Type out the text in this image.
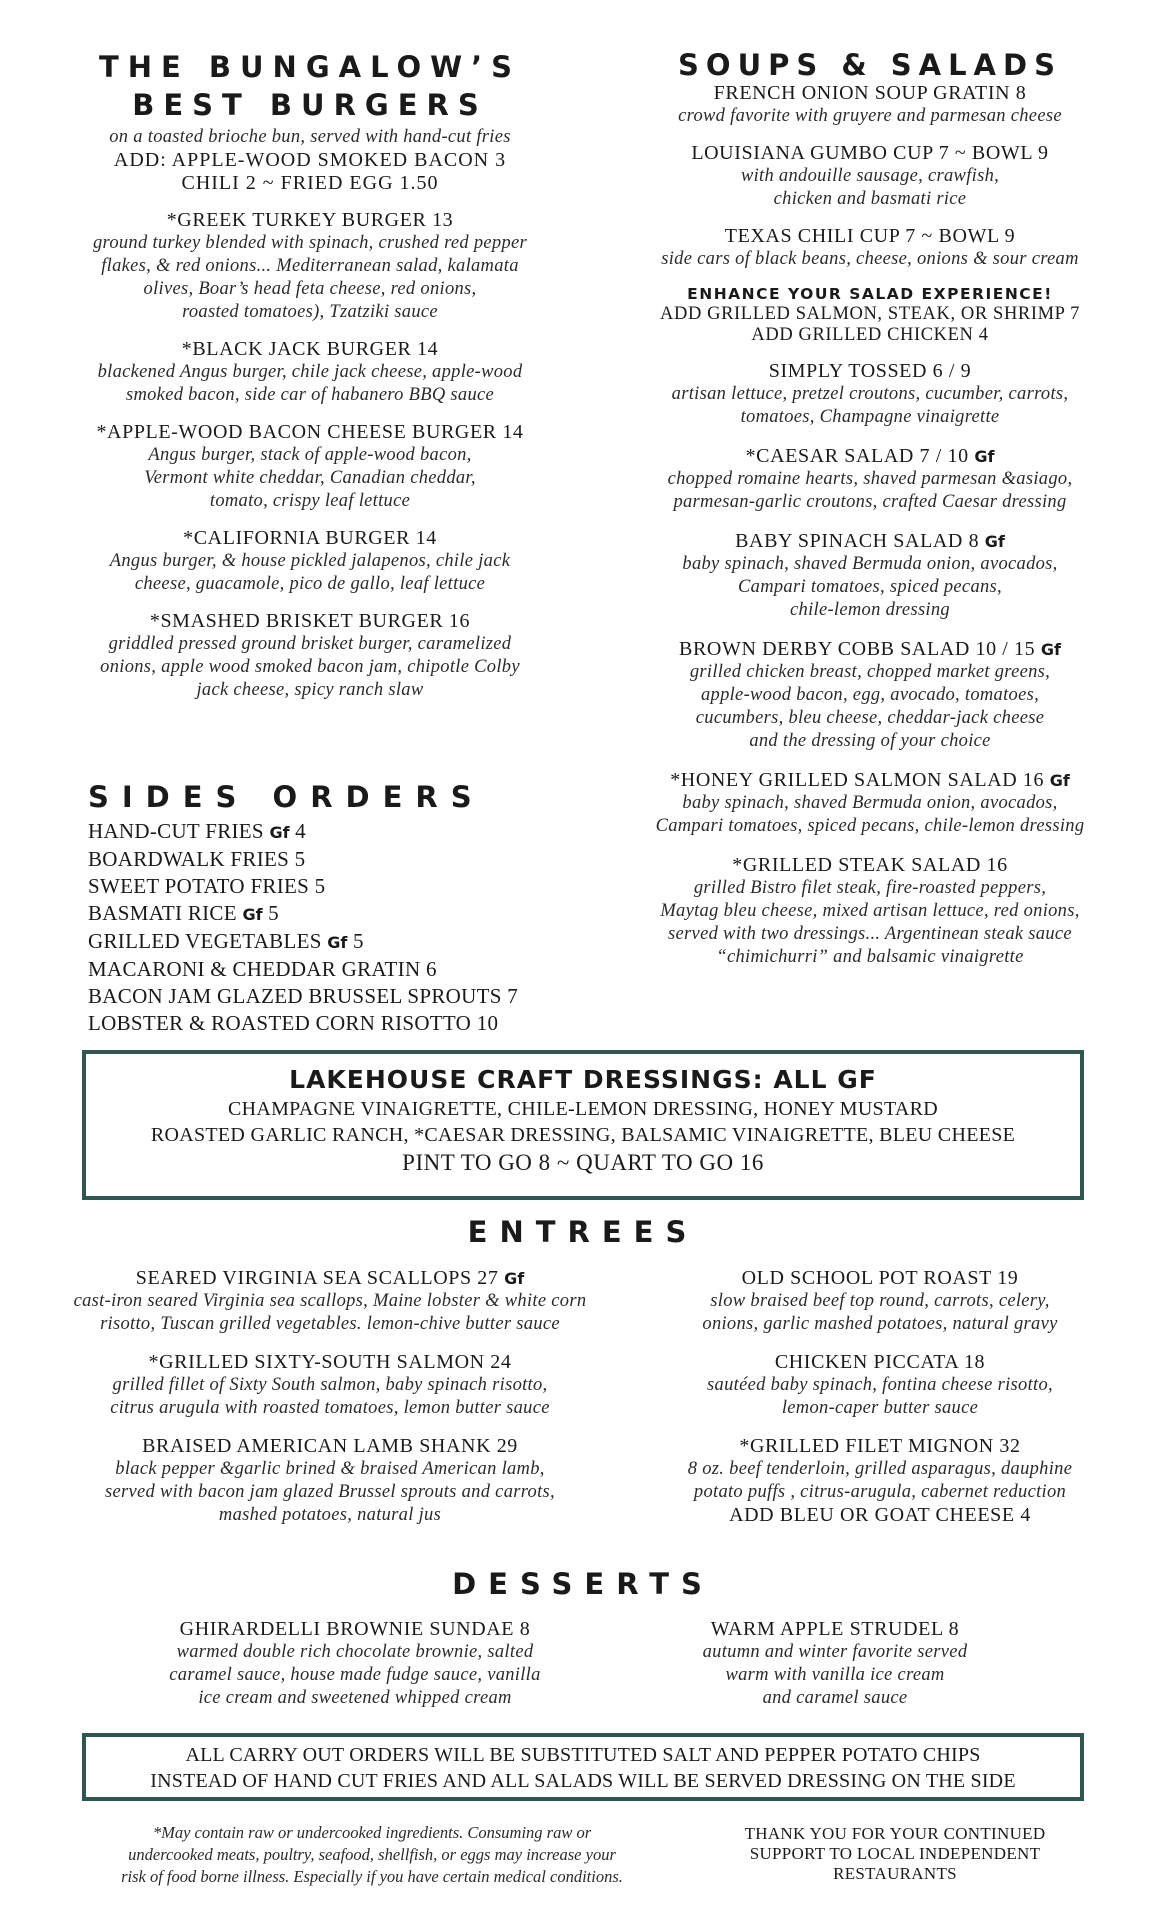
THE BUNGALOW’S
BEST BURGERS
on a toasted brioche bun, served with hand-cut fries
ADD: APPLE-WOOD SMOKED BACON 3
CHILI 2 ~ FRIED EGG 1.50
*GREEK TURKEY BURGER 13
ground turkey blended with spinach, crushed red pepper
flakes, & red onions... Mediterranean salad, kalamata
olives, Boar’s head feta cheese, red onions,
roasted tomatoes), Tzatziki sauce
*BLACK JACK BURGER 14
blackened Angus burger, chile jack cheese, apple-wood
smoked bacon, side car of habanero BBQ sauce
*APPLE-WOOD BACON CHEESE BURGER 14
Angus burger, stack of apple-wood bacon,
Vermont white cheddar, Canadian cheddar,
tomato, crispy leaf lettuce
*CALIFORNIA BURGER 14
Angus burger, & house pickled jalapenos, chile jack
cheese, guacamole, pico de gallo, leaf lettuce
*SMASHED BRISKET BURGER 16
griddled pressed ground brisket burger, caramelized
onions, apple wood smoked bacon jam, chipotle Colby
jack cheese, spicy ranch slaw
SIDES ORDERS
HAND-CUT FRIES Gf 4
BOARDWALK FRIES 5
SWEET POTATO FRIES 5
BASMATI RICE Gf 5
GRILLED VEGETABLES Gf 5
MACARONI & CHEDDAR GRATIN 6
BACON JAM GLAZED BRUSSEL SPROUTS 7
LOBSTER & ROASTED CORN RISOTTO 10
SOUPS & SALADS
FRENCH ONION SOUP GRATIN 8
crowd favorite with gruyere and parmesan cheese
LOUISIANA GUMBO CUP 7 ~ BOWL 9
with andouille sausage, crawfish,
chicken and basmati rice
TEXAS CHILI CUP 7 ~ BOWL 9
side cars of black beans, cheese, onions & sour cream
ENHANCE YOUR SALAD EXPERIENCE!
ADD GRILLED SALMON, STEAK, OR SHRIMP 7
ADD GRILLED CHICKEN 4
SIMPLY TOSSED 6 / 9
artisan lettuce, pretzel croutons, cucumber, carrots,
tomatoes, Champagne vinaigrette
*CAESAR SALAD 7 / 10 Gf
chopped romaine hearts, shaved parmesan &asiago,
parmesan-garlic croutons, crafted Caesar dressing
BABY SPINACH SALAD 8 Gf
baby spinach, shaved Bermuda onion, avocados,
Campari tomatoes, spiced pecans,
chile-lemon dressing
BROWN DERBY COBB SALAD 10 / 15 Gf
grilled chicken breast, chopped market greens,
apple-wood bacon, egg, avocado, tomatoes,
cucumbers, bleu cheese, cheddar-jack cheese
and the dressing of your choice
*HONEY GRILLED SALMON SALAD 16 Gf
baby spinach, shaved Bermuda onion, avocados,
Campari tomatoes, spiced pecans, chile-lemon dressing
*GRILLED STEAK SALAD 16
grilled Bistro filet steak, fire-roasted peppers,
Maytag bleu cheese, mixed artisan lettuce, red onions,
served with two dressings... Argentinean steak sauce
“chimichurri” and balsamic vinaigrette
LAKEHOUSE CRAFT DRESSINGS: ALL GF
CHAMPAGNE VINAIGRETTE, CHILE-LEMON DRESSING, HONEY MUSTARD
ROASTED GARLIC RANCH, *CAESAR DRESSING, BALSAMIC VINAIGRETTE, BLEU CHEESE
PINT TO GO 8 ~ QUART TO GO 16
ENTREES
SEARED VIRGINIA SEA SCALLOPS 27 Gf
cast-iron seared Virginia sea scallops, Maine lobster & white corn
risotto, Tuscan grilled vegetables. lemon-chive butter sauce
*GRILLED SIXTY-SOUTH SALMON 24
grilled fillet of Sixty South salmon, baby spinach risotto,
citrus arugula with roasted tomatoes, lemon butter sauce
BRAISED AMERICAN LAMB SHANK 29
black pepper &garlic brined & braised American lamb,
served with bacon jam glazed Brussel sprouts and carrots,
mashed potatoes, natural jus
OLD SCHOOL POT ROAST 19
slow braised beef top round, carrots, celery,
onions, garlic mashed potatoes, natural gravy
CHICKEN PICCATA 18
sautéed baby spinach, fontina cheese risotto,
lemon-caper butter sauce
*GRILLED FILET MIGNON 32
8 oz. beef tenderloin, grilled asparagus, dauphine
potato puffs , citrus-arugula, cabernet reduction
ADD BLEU OR GOAT CHEESE 4
DESSERTS
GHIRARDELLI BROWNIE SUNDAE 8
warmed double rich chocolate brownie, salted
caramel sauce, house made fudge sauce, vanilla
ice cream and sweetened whipped cream
WARM APPLE STRUDEL 8
autumn and winter favorite served
warm with vanilla ice cream
and caramel sauce
ALL CARRY OUT ORDERS WILL BE SUBSTITUTED SALT AND PEPPER POTATO CHIPS
INSTEAD OF HAND CUT FRIES AND ALL SALADS WILL BE SERVED DRESSING ON THE SIDE
*May contain raw or undercooked ingredients. Consuming raw or
undercooked meats, poultry, seafood, shellfish, or eggs may increase your
risk of food borne illness. Especially if you have certain medical conditions.
THANK YOU FOR YOUR CONTINUED
SUPPORT TO LOCAL INDEPENDENT
RESTAURANTS
